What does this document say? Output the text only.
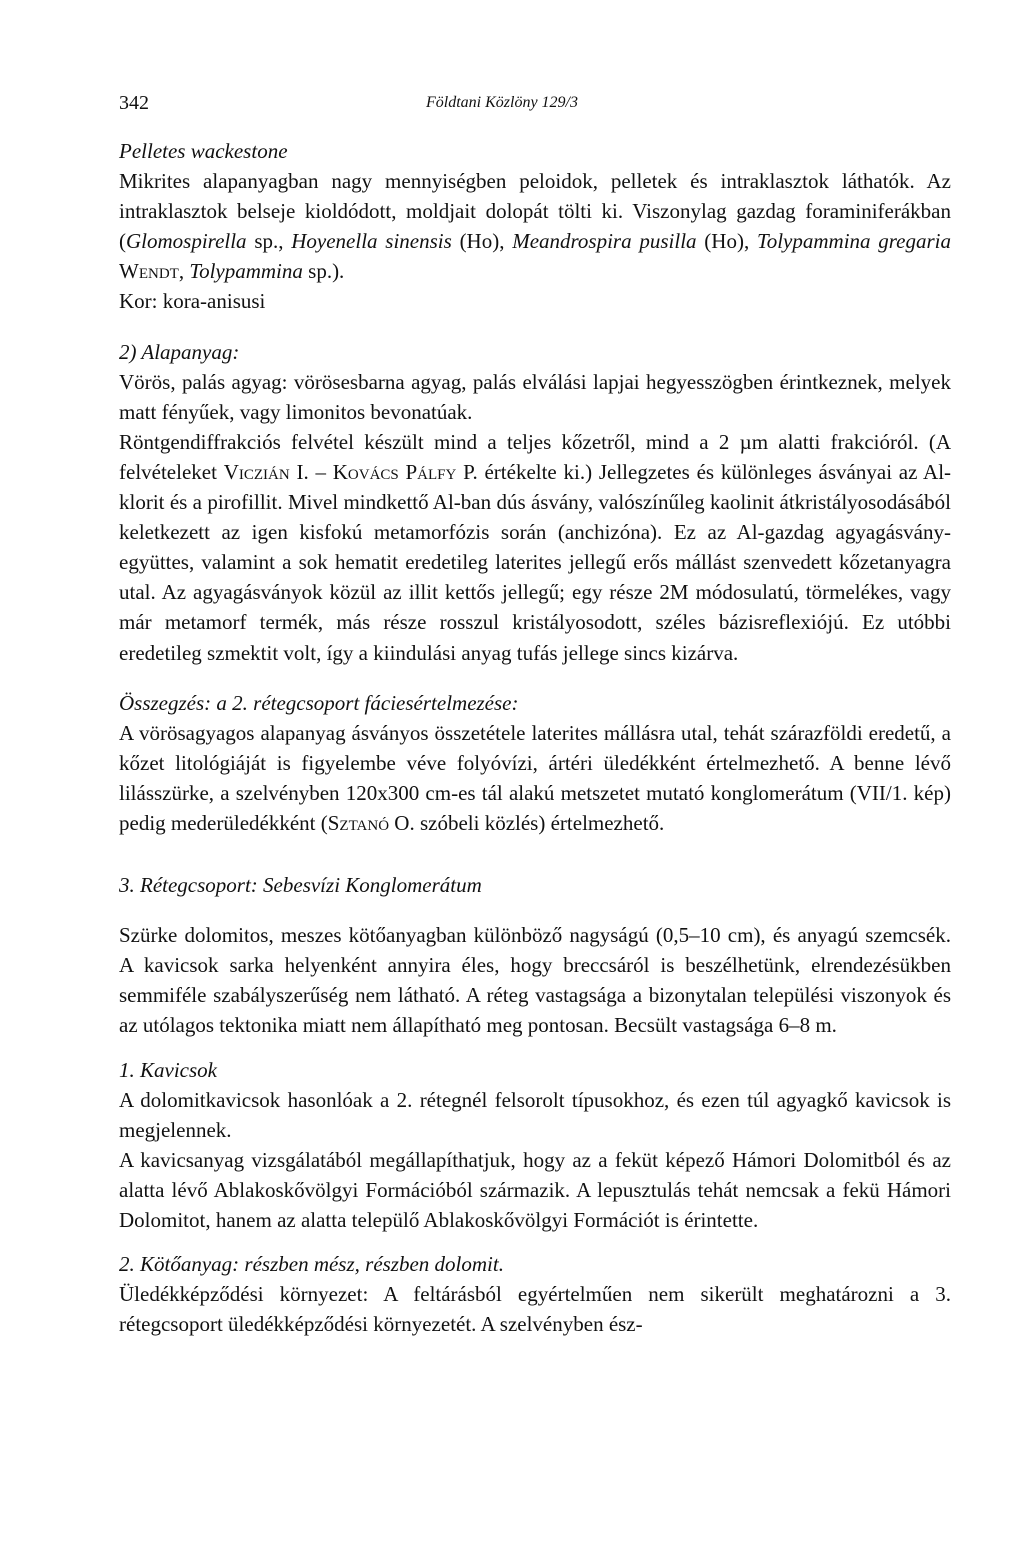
342	Földtani Közlöny 129/3

Pelletes wackestone

Mikrites alapanyagban nagy mennyiségben peloidok, pelletek és intraklasztok láthatók. Az intraklasztok belseje kioldódott, moldjait dolopát tölti ki. Viszonylag gazdag foraminiferákban (Glomospirella sp., Hoyenella sinensis (Ho), Meandrospira pusilla (Ho), Tolypammina gregaria Wendt, Tolypammina sp.).

Kor: kora-anisusi

2) Alapanyag:

Vörös, palás agyag: vörösesbarna agyag, palás elválási lapjai hegyesszögben érintkeznek, melyek matt fényűek, vagy limonitos bevonatúak.

Röntgendiffrakciós felvétel készült mind a teljes kőzetről, mind a 2 µm alatti frakcióról. (A felvételeket Viczián I. – Kovács Pálfy P. értékelte ki.) Jellegzetes és különleges ásványai az Al-klorit és a pirofillit. Mivel mindkettő Al-ban dús ásvány, valószínűleg kaolinit átkristályosodásából keletkezett az igen kisfokú metamorfózis során (anchizóna). Ez az Al-gazdag agyagásvány-együttes, valamint a sok hematit eredetileg laterites jellegű erős mállást szenvedett kőzetanyagra utal. Az agyagásványok közül az illit kettős jellegű; egy része 2M módosulatú, törmelékes, vagy már metamorf termék, más része rosszul kristályosodott, széles bázisreflexiójú. Ez utóbbi eredetileg szmektit volt, így a kiindulási anyag tufás jellege sincs kizárva.

Összegzés: a 2. rétegcsoport fáciesértelmezése:

A vörösagyagos alapanyag ásványos összetétele laterites mállásra utal, tehát szárazföldi eredetű, a kőzet litológiáját is figyelembe véve folyóvízi, ártéri üledékként értelmezhető. A benne lévő lilásszürke, a szelvényben 120x300 cm-es tál alakú metszetet mutató konglomerátum (VII/1. kép) pedig mederüledékként (Sztanó O. szóbeli közlés) értelmezhető.

3. Rétegcsoport: Sebesvízi Konglomerátum

Szürke dolomitos, meszes kötőanyagban különböző nagyságú (0,5–10 cm), és anyagú szemcsék. A kavicsok sarka helyenként annyira éles, hogy breccsáról is beszélhetünk, elrendezésükben semmiféle szabályszerűség nem látható. A réteg vastagsága a bizonytalan települési viszonyok és az utólagos tektonika miatt nem állapítható meg pontosan. Becsült vastagsága 6–8 m.

1. Kavicsok

A dolomitkavicsok hasonlóak a 2. rétegnél felsorolt típusokhoz, és ezen túl agyagkő kavicsok is megjelennek.

A kavicsanyag vizsgálatából megállapíthatjuk, hogy az a feküt képező Hámori Dolomitból és az alatta lévő Ablakoskővölgyi Formációból származik. A lepusztulás tehát nemcsak a fekü Hámori Dolomitot, hanem az alatta települő Ablakoskővölgyi Formációt is érintette.

2. Kötőanyag: részben mész, részben dolomit.

Üledékképződési környezet: A feltárásból egyértelműen nem sikerült meghatározni a 3. rétegcsoport üledékképződési környezetét. A szelvényben ész-
